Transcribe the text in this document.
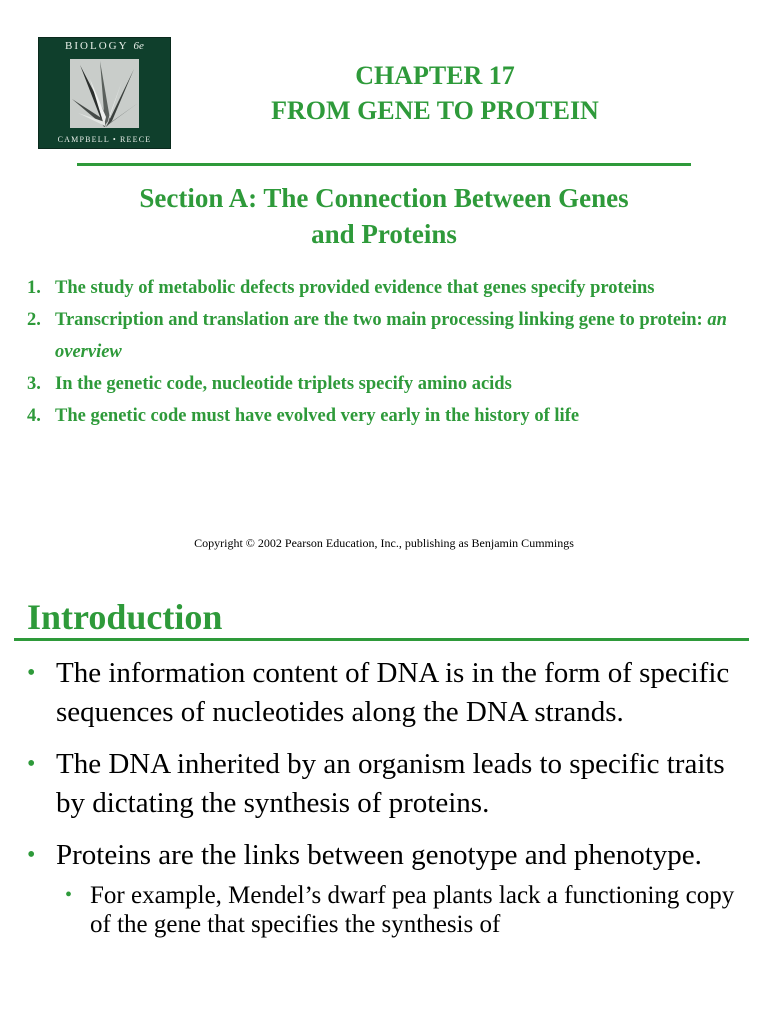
BIOLOGY 6e
CAMPBELL • REECE
CHAPTER 17
FROM GENE TO PROTEIN
Section A: The Connection Between Genes
and Proteins
1. The study of metabolic defects provided evidence that genes specify proteins
2. Transcription and translation are the two main processing linking gene to protein: an overview
3. In the genetic code, nucleotide triplets specify amino acids
4. The genetic code must have evolved very early in the history of life
Copyright © 2002 Pearson Education, Inc., publishing as Benjamin Cummings
Introduction
• The information content of DNA is in the form of specific sequences of nucleotides along the DNA strands.
• The DNA inherited by an organism leads to specific traits by dictating the synthesis of proteins.
• Proteins are the links between genotype and phenotype.
• For example, Mendel’s dwarf pea plants lack a functioning copy of the gene that specifies the synthesis of
